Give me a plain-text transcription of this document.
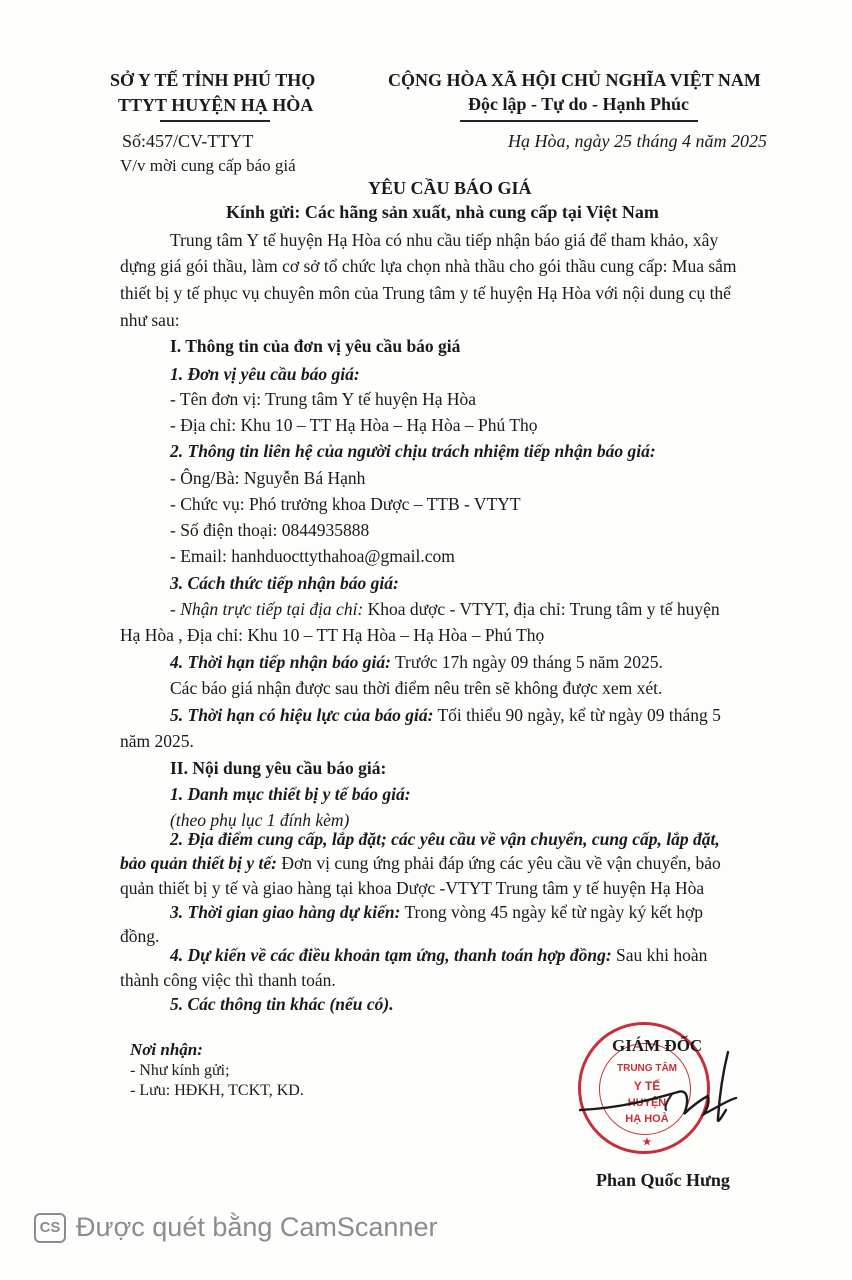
SỞ Y TẾ TỈNH PHÚ THỌ
TTYT HUYỆN HẠ HÒA
CỘNG HÒA XÃ HỘI CHỦ NGHĨA VIỆT NAM
Độc lập - Tự do - Hạnh Phúc
Số:457/CV-TTYT
V/v mời cung cấp báo giá
Hạ Hòa, ngày 25 tháng 4 năm 2025
YÊU CẦU BÁO GIÁ
Kính gửi: Các hãng sản xuất, nhà cung cấp tại Việt Nam
Trung tâm Y tế huyện Hạ Hòa có nhu cầu tiếp nhận báo giá để tham khảo, xây
dựng giá gói thầu, làm cơ sở tổ chức lựa chọn nhà thầu cho gói thầu cung cấp: Mua sắm
thiết bị y tế phục vụ chuyên môn của Trung tâm y tế huyện Hạ Hòa với nội dung cụ thể
như sau:
I. Thông tin của đơn vị yêu cầu báo giá
1. Đơn vị yêu cầu báo giá:
- Tên đơn vị: Trung tâm Y tế huyện Hạ Hòa
- Địa chỉ: Khu 10 – TT Hạ Hòa – Hạ Hòa – Phú Thọ
2. Thông tin liên hệ của người chịu trách nhiệm tiếp nhận báo giá:
- Ông/Bà: Nguyễn Bá Hạnh
- Chức vụ: Phó trưởng khoa Dược – TTB - VTYT
- Số điện thoại: 0844935888
- Email: hanhduocttythahoa@gmail.com
3. Cách thức tiếp nhận báo giá:
- Nhận trực tiếp tại địa chỉ: Khoa dược - VTYT, địa chỉ: Trung tâm y tế huyện
Hạ Hòa , Địa chỉ: Khu 10 – TT Hạ Hòa – Hạ Hòa – Phú Thọ
4. Thời hạn tiếp nhận báo giá: Trước 17h ngày 09 tháng 5 năm 2025.
Các báo giá nhận được sau thời điểm nêu trên sẽ không được xem xét.
5. Thời hạn có hiệu lực của báo giá: Tối thiểu 90 ngày, kể từ ngày 09 tháng 5
năm 2025.
II. Nội dung yêu cầu báo giá:
1. Danh mục thiết bị y tế báo giá:
(theo phụ lục 1 đính kèm)
2. Địa điểm cung cấp, lắp đặt; các yêu cầu về vận chuyển, cung cấp, lắp đặt,
bảo quản thiết bị y tế: Đơn vị cung ứng phải đáp ứng các yêu cầu về vận chuyển, bảo
quản thiết bị y tế và giao hàng tại khoa Dược -VTYT Trung tâm y tế huyện Hạ Hòa
3. Thời gian giao hàng dự kiến: Trong vòng 45 ngày kể từ ngày ký kết hợp
đồng.
4. Dự kiến về các điều khoản tạm ứng, thanh toán hợp đồng: Sau khi hoàn
thành công việc thì thanh toán.
5. Các thông tin khác (nếu có).
Nơi nhận:
- Như kính gửi;
- Lưu: HĐKH, TCKT, KD.
TRUNG TÂM
Y TẾ
HUYỆN
HẠ HOÀ
★
GIÁM ĐỐC
Phan Quốc Hưng
CS Được quét bằng CamScanner
